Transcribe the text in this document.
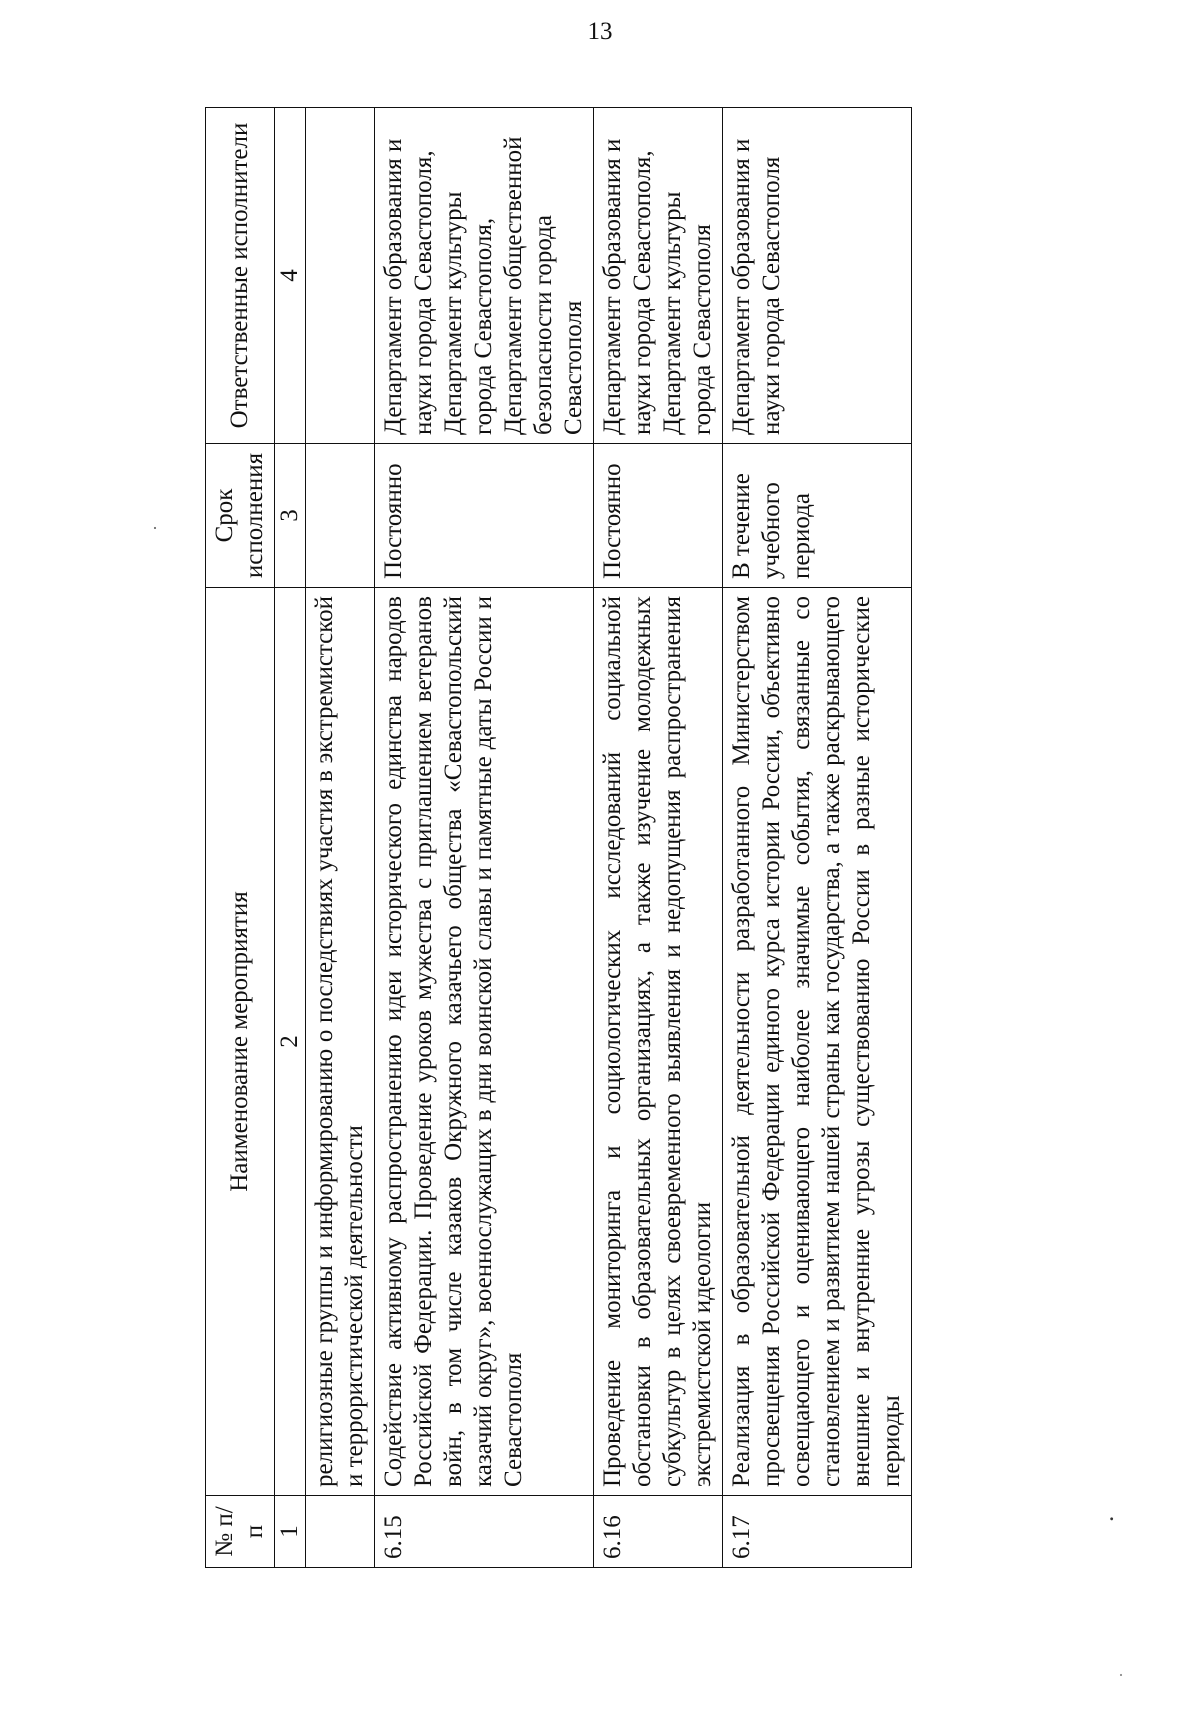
13
№ п/п	Наименование мероприятия	Срок исполнения	Ответственные исполнители
1	2	3	4
	религиозные группы и информированию о последствиях участия в экстремистской и террористической деятельности		
6.15	Содействие активному распространению идеи исторического единства народов Российской Федерации. Проведение уроков мужества с приглашением ветеранов войн, в том числе казаков Окружного казачьего общества «Севастопольский казачий округ», военнослужащих в дни воинской славы и памятные даты России и Севастополя	Постоянно	Департамент образования и науки города Севастополя, Департамент культуры города Севастополя, Департамент общественной безопасности города Севастополя
6.16	Проведение мониторинга и социологических исследований социальной обстановки в образовательных организациях, а также изучение молодежных субкультур в целях своевременного выявления и недопущения распространения экстремистской идеологии	Постоянно	Департамент образования и науки города Севастополя, Департамент культуры города Севастополя
6.17	Реализация в образовательной деятельности разработанного Министерством просвещения Российской Федерации единого курса истории России, объективно освещающего и оценивающего наиболее значимые события, связанные со становлением и развитием нашей страны как государства, а также раскрывающего внешние и внутренние угрозы существованию России в разные исторические периоды	В течение учебного периода	Департамент образования и науки города Севастополя
․
·
·
